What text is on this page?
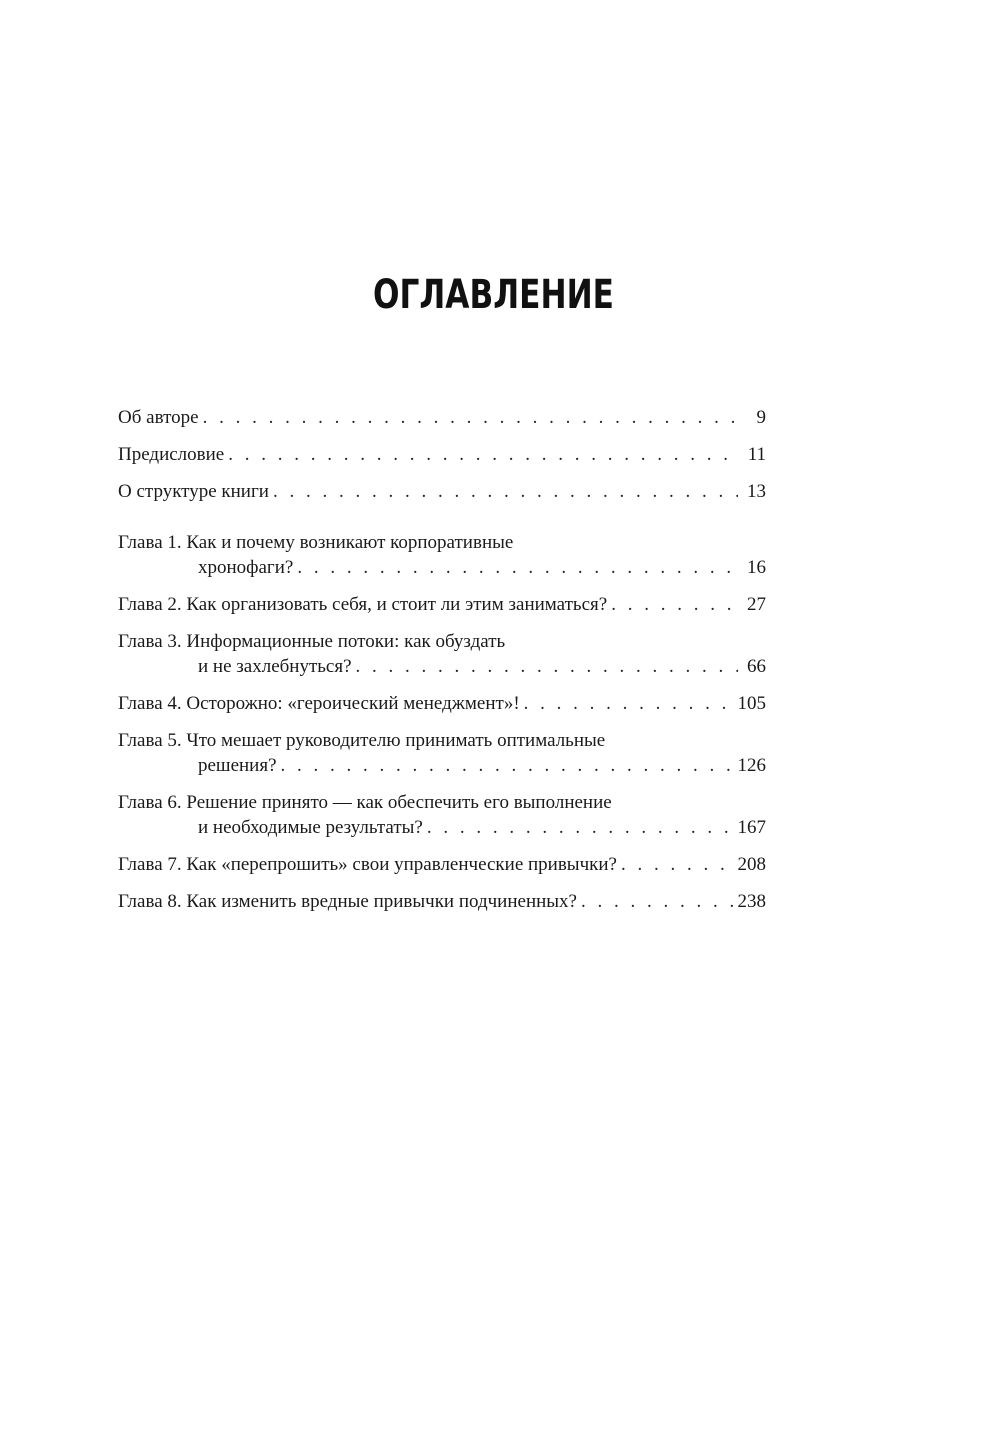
ОГЛАВЛЕНИЕ
Об авторе . . .	9
Предисловие . . .	11
О структуре книги . . .	13
Глава 1. Как и почему возникают корпоративные
хронофаги? . . .	16
Глава 2. Как организовать себя, и стоит ли этим заниматься? . . .	27
Глава 3. Информационные потоки: как обуздать
и не захлебнуться? . . .	66
Глава 4. Осторожно: «героический менеджмент»! . . .	105
Глава 5. Что мешает руководителю принимать оптимальные
решения? . . .	126
Глава 6. Решение принято — как обеспечить его выполнение
и необходимые результаты? . . .	167
Глава 7. Как «перепрошить» свои управленческие привычки? . . .	208
Глава 8. Как изменить вредные привычки подчиненных? . . .	238
